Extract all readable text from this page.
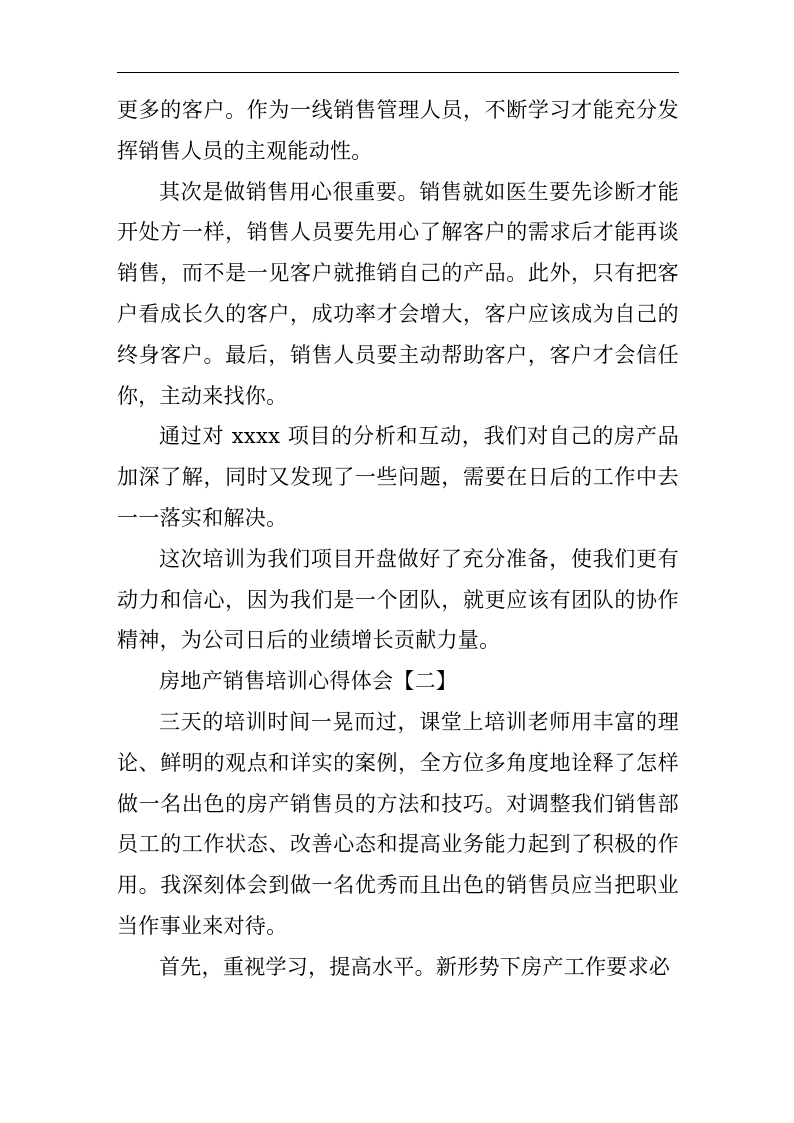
更多的客户。作为一线销售管理人员，不断学习才能充分发挥销售人员的主观能动性。

其次是做销售用心很重要。销售就如医生要先诊断才能开处方一样，销售人员要先用心了解客户的需求后才能再谈销售，而不是一见客户就推销自己的产品。此外，只有把客户看成长久的客户，成功率才会增大，客户应该成为自己的终身客户。最后，销售人员要主动帮助客户，客户才会信任你，主动来找你。

通过对 xxxx 项目的分析和互动，我们对自己的房产品加深了解，同时又发现了一些问题，需要在日后的工作中去一一落实和解决。

这次培训为我们项目开盘做好了充分准备，使我们更有动力和信心，因为我们是一个团队，就更应该有团队的协作精神，为公司日后的业绩增长贡献力量。

房地产销售培训心得体会【二】

三天的培训时间一晃而过，课堂上培训老师用丰富的理论、鲜明的观点和详实的案例，全方位多角度地诠释了怎样做一名出色的房产销售员的方法和技巧。对调整我们销售部员工的工作状态、改善心态和提高业务能力起到了积极的作用。我深刻体会到做一名优秀而且出色的销售员应当把职业当作事业来对待。

首先，重视学习，提高水平。新形势下房产工作要求必
